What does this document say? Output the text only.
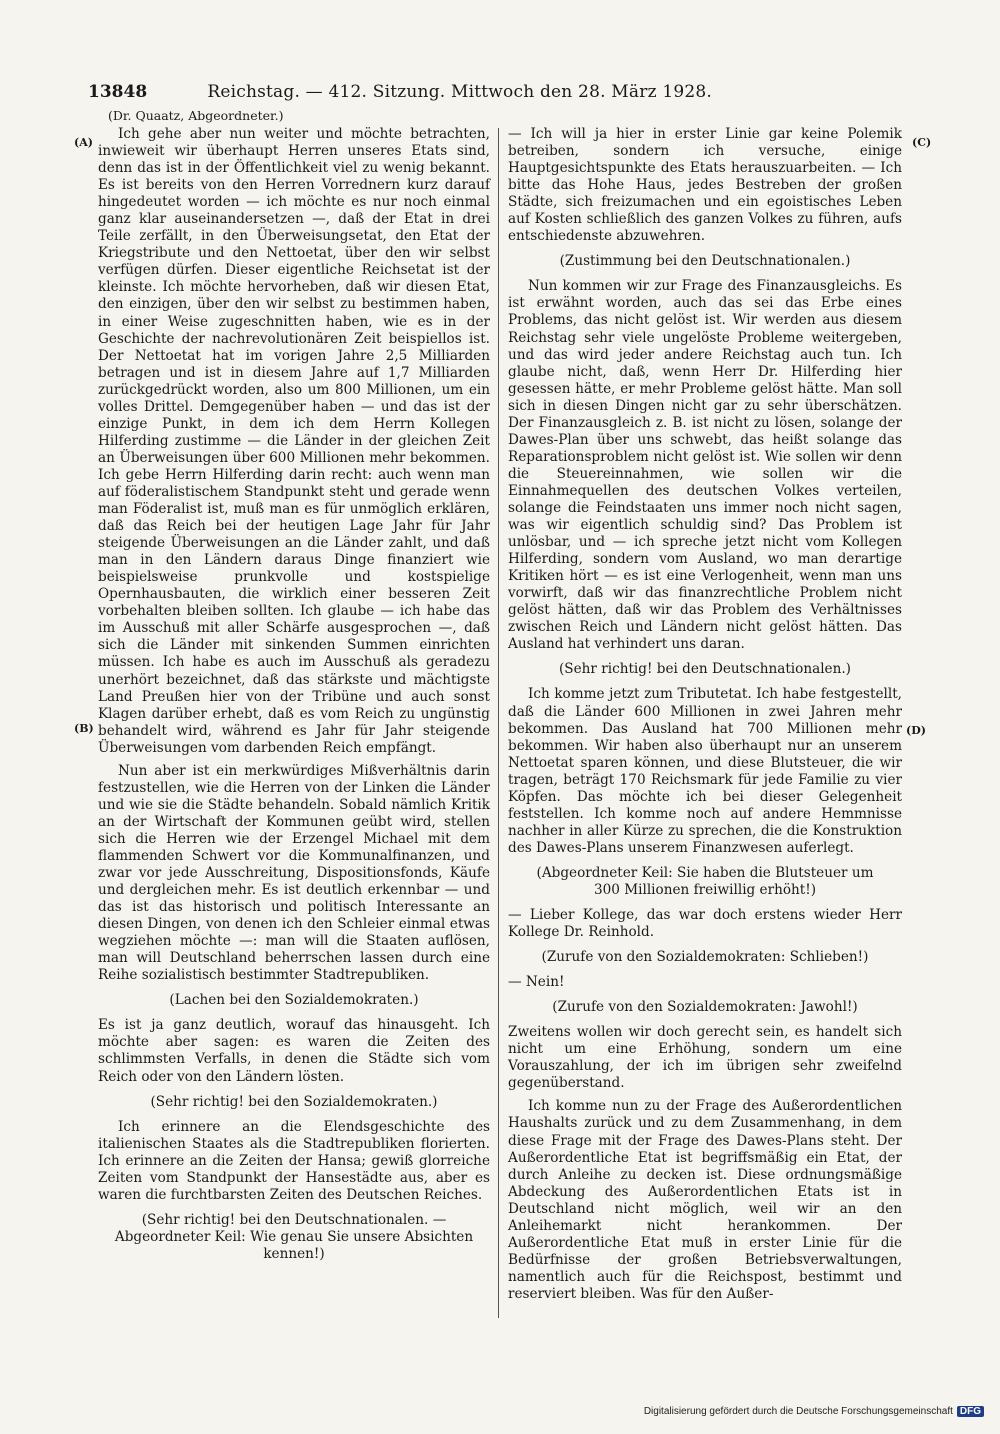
13848	Reichstag. — 412. Sitzung. Mittwoch den 28. März 1928.
(Dr. Quaatz, Abgeordneter.)
(A)
(B)
(C)
(D)

Ich gehe aber nun weiter und möchte betrachten, inwieweit wir überhaupt Herren unseres Etats sind, denn das ist in der Öffentlichkeit viel zu wenig bekannt. Es ist bereits von den Herren Vorrednern kurz darauf hingedeutet worden — ich möchte es nur noch einmal ganz klar auseinandersetzen —, daß der Etat in drei Teile zerfällt, in den Überweisungsetat, den Etat der Kriegstribute und den Nettoetat, über den wir selbst verfügen dürfen. Dieser eigentliche Reichsetat ist der kleinste. Ich möchte hervorheben, daß wir diesen Etat, den einzigen, über den wir selbst zu bestimmen haben, in einer Weise zugeschnitten haben, wie es in der Geschichte der nachrevolutionären Zeit beispiellos ist. Der Nettoetat hat im vorigen Jahre 2,5 Milliarden betragen und ist in diesem Jahre auf 1,7 Milliarden zurückgedrückt worden, also um 800 Millionen, um ein volles Drittel. Demgegenüber haben — und das ist der einzige Punkt, in dem ich dem Herrn Kollegen Hilferding zustimme — die Länder in der gleichen Zeit an Überweisungen über 600 Millionen mehr bekommen. Ich gebe Herrn Hilferding darin recht: auch wenn man auf föderalistischem Standpunkt steht und gerade wenn man Föderalist ist, muß man es für unmöglich erklären, daß das Reich bei der heutigen Lage Jahr für Jahr steigende Überweisungen an die Länder zahlt, und daß man in den Ländern daraus Dinge finanziert wie beispielsweise prunkvolle und kostspielige Opernhausbauten, die wirklich einer besseren Zeit vorbehalten bleiben sollten. Ich glaube — ich habe das im Ausschuß mit aller Schärfe ausgesprochen —, daß sich die Länder mit sinkenden Summen einrichten müssen. Ich habe es auch im Ausschuß als geradezu unerhört bezeichnet, daß das stärkste und mächtigste Land Preußen hier von der Tribüne und auch sonst Klagen darüber erhebt, daß es vom Reich zu ungünstig behandelt wird, während es Jahr für Jahr steigende Überweisungen vom darbenden Reich empfängt.

Nun aber ist ein merkwürdiges Mißverhältnis darin festzustellen, wie die Herren von der Linken die Länder und wie sie die Städte behandeln. Sobald nämlich Kritik an der Wirtschaft der Kommunen geübt wird, stellen sich die Herren wie der Erzengel Michael mit dem flammenden Schwert vor die Kommunalfinanzen, und zwar vor jede Ausschreitung, Dispositionsfonds, Käufe und dergleichen mehr. Es ist deutlich erkennbar — und das ist das historisch und politisch Interessante an diesen Dingen, von denen ich den Schleier einmal etwas wegziehen möchte —: man will die Staaten auflösen, man will Deutschland beherrschen lassen durch eine Reihe sozialistisch bestimmter Stadtrepubliken.

(Lachen bei den Sozialdemokraten.)

Es ist ja ganz deutlich, worauf das hinausgeht. Ich möchte aber sagen: es waren die Zeiten des schlimmsten Verfalls, in denen die Städte sich vom Reich oder von den Ländern lösten.

(Sehr richtig! bei den Sozialdemokraten.)

Ich erinnere an die Elendsgeschichte des italienischen Staates als die Stadtrepubliken florierten. Ich erinnere an die Zeiten der Hansa; gewiß glorreiche Zeiten vom Standpunkt der Hansestädte aus, aber es waren die furchtbarsten Zeiten des Deutschen Reiches.

(Sehr richtig! bei den Deutschnationalen. — Abgeordneter Keil: Wie genau Sie unsere Absichten kennen!)

— Ich will ja hier in erster Linie gar keine Polemik betreiben, sondern ich versuche, einige Hauptgesichtspunkte des Etats herauszuarbeiten. — Ich bitte das Hohe Haus, jedes Bestreben der großen Städte, sich freizumachen und ein egoistisches Leben auf Kosten schließlich des ganzen Volkes zu führen, aufs entschiedenste abzuwehren.

(Zustimmung bei den Deutschnationalen.)

Nun kommen wir zur Frage des Finanzausgleichs. Es ist erwähnt worden, auch das sei das Erbe eines Problems, das nicht gelöst ist. Wir werden aus diesem Reichstag sehr viele ungelöste Probleme weitergeben, und das wird jeder andere Reichstag auch tun. Ich glaube nicht, daß, wenn Herr Dr. Hilferding hier gesessen hätte, er mehr Probleme gelöst hätte. Man soll sich in diesen Dingen nicht gar zu sehr überschätzen. Der Finanzausgleich z. B. ist nicht zu lösen, solange der Dawes-Plan über uns schwebt, das heißt solange das Reparationsproblem nicht gelöst ist. Wie sollen wir denn die Steuereinnahmen, wie sollen wir die Einnahmequellen des deutschen Volkes verteilen, solange die Feindstaaten uns immer noch nicht sagen, was wir eigentlich schuldig sind? Das Problem ist unlösbar, und — ich spreche jetzt nicht vom Kollegen Hilferding, sondern vom Ausland, wo man derartige Kritiken hört — es ist eine Verlogenheit, wenn man uns vorwirft, daß wir das finanzrechtliche Problem nicht gelöst hätten, daß wir das Problem des Verhältnisses zwischen Reich und Ländern nicht gelöst hätten. Das Ausland hat verhindert uns daran.

(Sehr richtig! bei den Deutschnationalen.)

Ich komme jetzt zum Tributetat. Ich habe festgestellt, daß die Länder 600 Millionen in zwei Jahren mehr bekommen. Das Ausland hat 700 Millionen mehr bekommen. Wir haben also überhaupt nur an unserem Nettoetat sparen können, und diese Blutsteuer, die wir tragen, beträgt 170 Reichsmark für jede Familie zu vier Köpfen. Das möchte ich bei dieser Gelegenheit feststellen. Ich komme noch auf andere Hemmnisse nachher in aller Kürze zu sprechen, die die Konstruktion des Dawes-Plans unserem Finanzwesen auferlegt.

(Abgeordneter Keil: Sie haben die Blutsteuer um 300 Millionen freiwillig erhöht!)

— Lieber Kollege, das war doch erstens wieder Herr Kollege Dr. Reinhold.

(Zurufe von den Sozialdemokraten: Schlieben!)

— Nein!

(Zurufe von den Sozialdemokraten: Jawohl!)

Zweitens wollen wir doch gerecht sein, es handelt sich nicht um eine Erhöhung, sondern um eine Vorauszahlung, der ich im übrigen sehr zweifelnd gegenüberstand.

Ich komme nun zu der Frage des Außerordentlichen Haushalts zurück und zu dem Zusammenhang, in dem diese Frage mit der Frage des Dawes-Plans steht. Der Außerordentliche Etat ist begriffsmäßig ein Etat, der durch Anleihe zu decken ist. Diese ordnungsmäßige Abdeckung des Außerordentlichen Etats ist in Deutschland nicht möglich, weil wir an den Anleihemarkt nicht herankommen. Der Außerordentliche Etat muß in erster Linie für die Bedürfnisse der großen Betriebsverwaltungen, namentlich auch für die Reichspost, bestimmt und reserviert bleiben. Was für den Außer-

Digitalisierung gefördert durch die Deutsche Forschungsgemeinschaft DFG
